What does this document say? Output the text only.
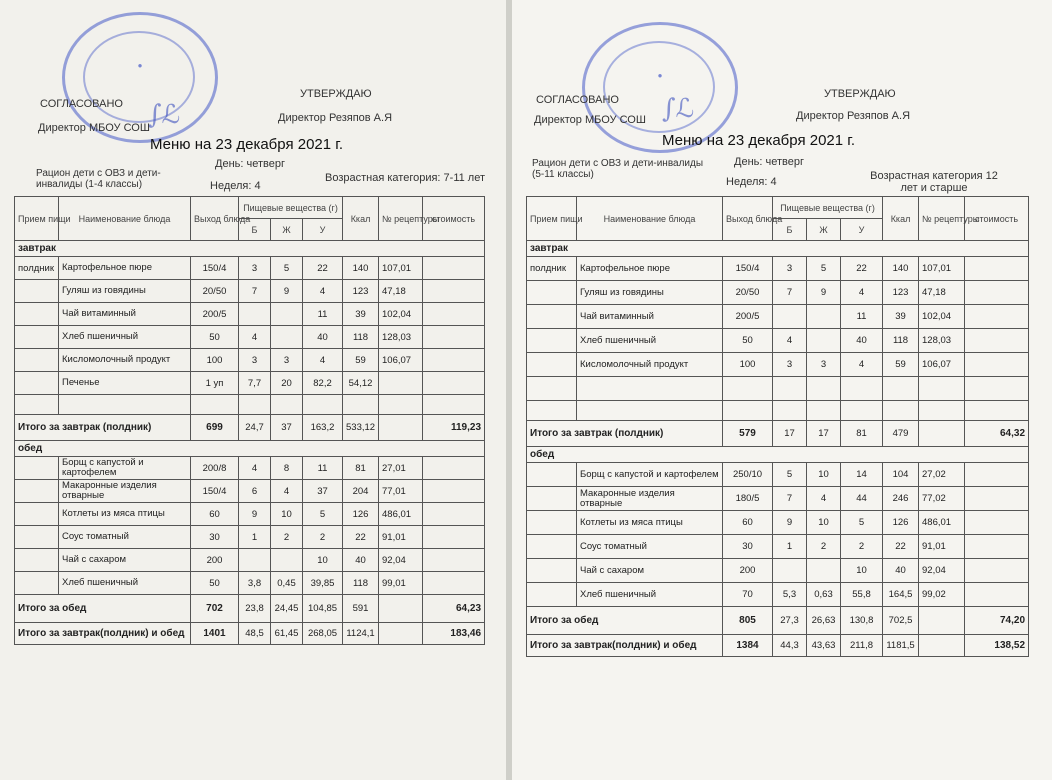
●
∫ℒ
СОГЛАСОВАНО
УТВЕРЖДАЮ
Директор МБОУ СОШ
Директор Резяпов А.Я
Меню на 23 декабря 2021 г.
День: четверг
Рацион дети с ОВЗ и дети-инвалиды (1-4 классы)	Неделя: 4
Возрастная категория: 7-11 лет
Прием пищи	Наименование блюда	Выход блюда	Пищевые вещества (г)			Ккал	№ рецептуры	стоимость
			Б	Ж	У			
завтрак								
полдник	Картофельное пюре	150/4	3	5	22	140	107,01	
	Гуляш из говядины	20/50	7	9	4	123	47,18	
	Чай витаминный	200/5			11	39	102,04	
	Хлеб пшеничный	50	4		40	118	128,03	
	Кисломолочный продукт	100	3	3	4	59	106,07	
	Печенье	1 уп	7,7	20	82,2	54,12		

Итого за завтрак (полдник)		699	24,7	37	163,2	533,12		119,23
обед								
	Борщ с капустой и картофелем	200/8	4	8	11	81	27,01	
	Макаронные изделия отварные	150/4	6	4	37	204	77,01	
	Котлеты из мяса птицы	60	9	10	5	126	486,01	
	Соус томатный	30	1	2	2	22	91,01	
	Чай с сахаром	200			10	40	92,04	
	Хлеб пшеничный	50	3,8	0,45	39,85	118	99,01	
Итого за обед		702	23,8	24,45	104,85	591		64,23
Итого за завтрак(полдник) и обед		1401	48,5	61,45	268,05	1124,1		183,46
●
∫ℒ
СОГЛАСОВАНО	УТВЕРЖДАЮ
Директор МБОУ СОШ	Директор Резяпов А.Я
Меню на 23 декабря 2021 г.
День: четверг
Рацион дети с ОВЗ и дети-инвалиды (5-11 классы)
Неделя: 4	Возрастная категория 12 лет и старше
Прием пищи	Наименование блюда	Выход блюда	Пищевые вещества (г)			Ккал	№ рецептуры	стоимость
			Б	Ж	У			
завтрак								
полдник	Картофельное пюре	150/4	3	5	22	140	107,01	
	Гуляш из говядины	20/50	7	9	4	123	47,18	
	Чай витаминный	200/5			11	39	102,04	
	Хлеб пшеничный	50	4		40	118	128,03	
	Кисломолочный продукт	100	3	3	4	59	106,07	

Итого за завтрак (полдник)		579	17	17	81	479		64,32
обед								
	Борщ с капустой и картофелем	250/10	5	10	14	104	27,02	
	Макаронные изделия отварные	180/5	7	4	44	246	77,02	
	Котлеты из мяса птицы	60	9	10	5	126	486,01	
	Соус томатный	30	1	2	2	22	91,01	
	Чай с сахаром	200			10	40	92,04	
	Хлеб пшеничный	70	5,3	0,63	55,8	164,5	99,02	
Итого за обед		805	27,3	26,63	130,8	702,5		74,20
Итого за завтрак(полдник) и обед		1384	44,3	43,63	211,8	1181,5		138,52
